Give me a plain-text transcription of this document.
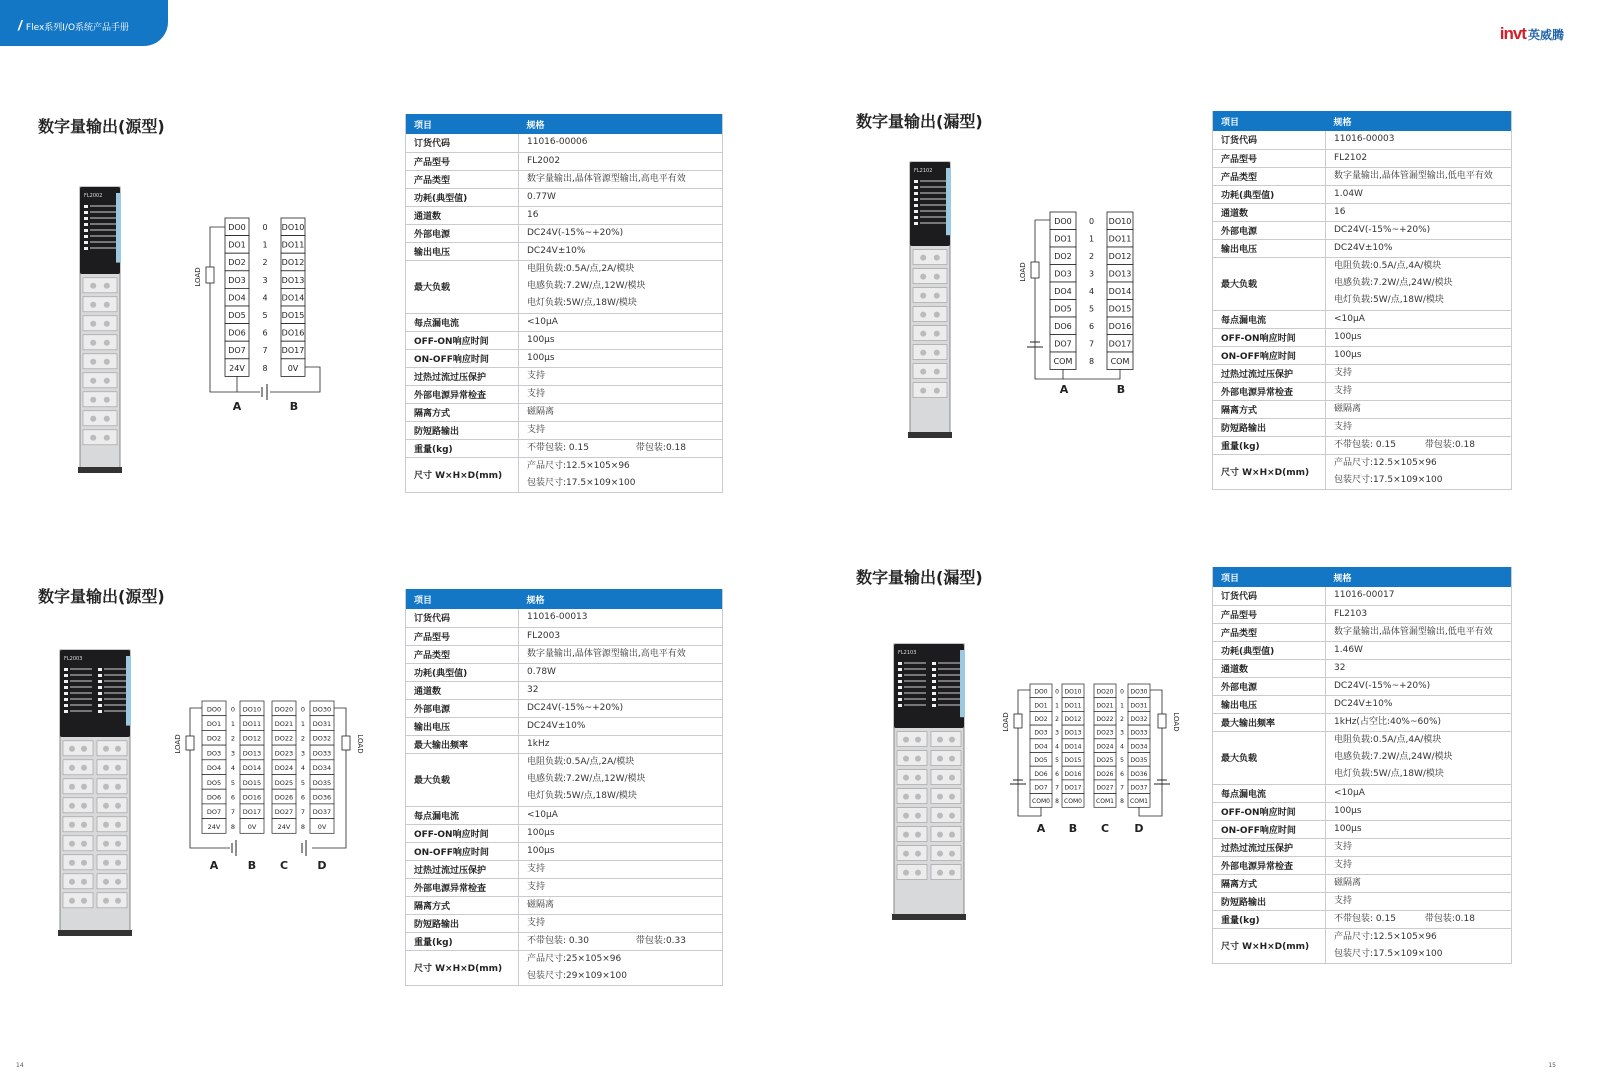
/ Flex系列I/O系统产品手册	invt 英威腾
14	15
数字量输出(源型)	数字量输出(漏型)
数字量输出(源型)
数字量输出(漏型)
项目	规格
订货代码	11016-00006

产品型号	FL2002

产品类型	数字量输出,晶体管源型输出,高电平有效

功耗(典型值)	0.77W

通道数	16

外部电源	DC24V(-15%~+20%)

输出电压	DC24V±10%

最大负载	电阻负载:0.5A/点,2A/模块
电感负载:7.2W/点,12W/模块
电灯负载:5W/点,18W/模块

每点漏电流	<10μA

OFF-ON响应时间	100μs

ON-OFF响应时间	100μs

过热过流过压保护	支持

外部电源异常检查	支持

隔离方式	磁隔离

防短路输出	支持

重量(kg)	不带包装: 0.15 带包装:0.18

尺寸 W×H×D(mm)	产品尺寸:12.5×105×96
包装尺寸:17.5×109×100
项目	规格
订货代码	11016-00003

产品型号	FL2102

产品类型	数字量输出,晶体管漏型输出,低电平有效

功耗(典型值)	1.04W

通道数	16

外部电源	DC24V(-15%~+20%)

输出电压	DC24V±10%

最大负载	电阻负载:0.5A/点,4A/模块
电感负载:7.2W/点,24W/模块
电灯负载:5W/点,18W/模块

每点漏电流	<10μA

OFF-ON响应时间	100μs

ON-OFF响应时间	100μs

过热过流过压保护	支持

外部电源异常检查	支持

隔离方式	磁隔离

防短路输出	支持

重量(kg)	不带包装: 0.15 带包装:0.18

尺寸 W×H×D(mm)	产品尺寸:12.5×105×96
包装尺寸:17.5×109×100
项目	规格
订货代码	11016-00013

产品型号	FL2003

产品类型	数字量输出,晶体管源型输出,高电平有效

功耗(典型值)	0.78W

通道数	32

外部电源	DC24V(-15%~+20%)

输出电压	DC24V±10%

最大输出频率	1kHz

最大负载	电阻负载:0.5A/点,2A/模块
电感负载:7.2W/点,12W/模块
电灯负载:5W/点,18W/模块

每点漏电流	<10μA

OFF-ON响应时间	100μs

ON-OFF响应时间	100μs

过热过流过压保护	支持

外部电源异常检查	支持

隔离方式	磁隔离

防短路输出	支持

重量(kg)	不带包装: 0.30 带包装:0.33

尺寸 W×H×D(mm)	产品尺寸:25×105×96
包装尺寸:29×109×100
项目	规格
订货代码	11016-00017

产品型号	FL2103

产品类型	数字量输出,晶体管漏型输出,低电平有效

功耗(典型值)	1.46W

通道数	32

外部电源	DC24V(-15%~+20%)

输出电压	DC24V±10%

最大输出频率	1kHz(占空比:40%~60%)

最大负载	电阻负载:0.5A/点,4A/模块
电感负载:7.2W/点,24W/模块
电灯负载:5W/点,18W/模块

每点漏电流	<10μA

OFF-ON响应时间	100μs

ON-OFF响应时间	100μs

过热过流过压保护	支持

外部电源异常检查	支持

隔离方式	磁隔离

防短路输出	支持

重量(kg)	不带包装: 0.15 带包装:0.18

尺寸 W×H×D(mm)	产品尺寸:12.5×105×96
包装尺寸:17.5×109×100
FL2002
FL2102
FL2003
FL2103
DO0 0 DO10
DO1 1 DO11
DO2 2 DO12
DO3 3 DO13
DO4 4 DO14
DO5 5 DO15
DO6 6 DO16
DO7 7 DO17
24V 8	0V
LOAD
A	B
DO0 0 DO10
DO1 1 DO11
DO2 2 DO12
DO3 3 DO13
DO4 4 DO14
DO5 5 DO15
DO6 6 DO16
DO7 7 DO17
COM 8 COM
LOAD
A	B
DO0 0
DO1 1
DO2 2
DO3 3
DO4 4
DO5 5
DO6 6
DO7 7
24V 8
DO10
DO11
DO12
DO13
DO14
DO15
DO16
DO17
0V
DO20 0
DO21 1
DO22 2
DO23 3
DO24 4
DO25 5
DO26 6
DO27 7
24V 8
DO30
DO31
DO32
DO33
DO34
DO35
DO36
DO37
0V
A	B C	D
LOAD	LOAD
DO0 0
DO1 1
DO2 2
DO3 3
DO4 4
DO5 5
DO6 6
DO7 7
COM0 8
DO10
DO11
DO12
DO13
DO14
DO15
DO16
DO17
COM0
DO20 0
DO21 1
DO22 2
DO23 3
DO24 4
DO25 5
DO26 6
DO27 7
COM1 8
DO30
DO31
DO32
DO33
DO34
DO35
DO36
DO37
COM1
A B C D
LOAD	LOAD
